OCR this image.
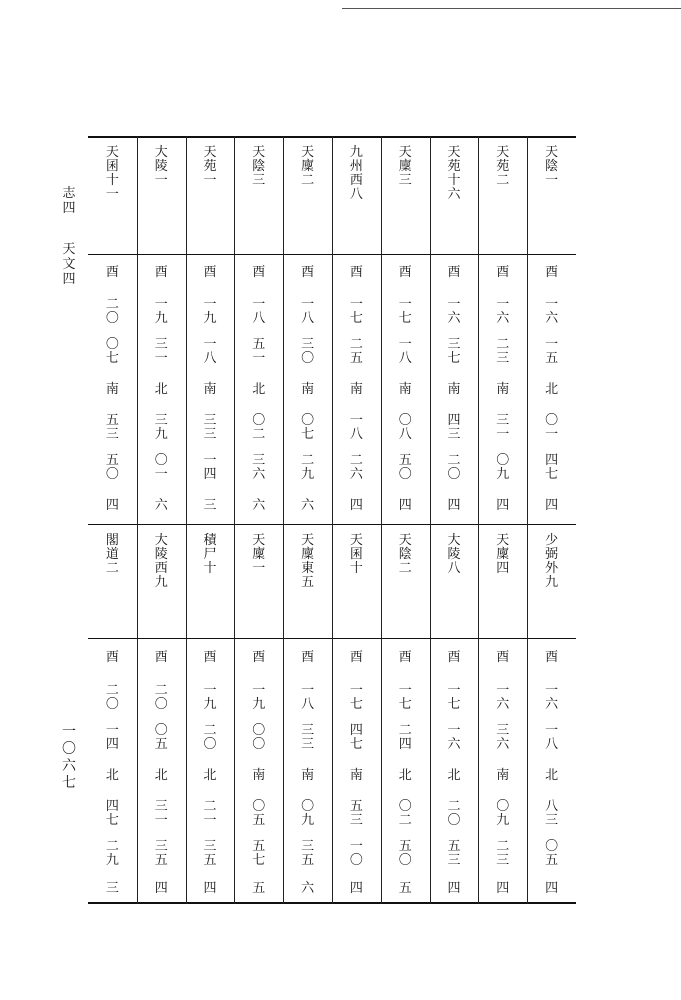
志
四
天
文
四
一
〇
六
七
天
陰
一
酉
一
六
一
五
北
〇
一
四
七
四
少
弼
外
九
酉
一
六
一
八
北
八
三
〇
五
四
天
苑
二
酉
一
六
二
三
南
三
一
〇
九
四
天
廩
四
酉
一
六
三
六
南
〇
九
二
三
四
天
苑
十
六
酉
一
六
三
七
南
四
三
二
〇
四
大
陵
八
酉
一
七
一
六
北
二
〇
五
三
四
天
廩
三
酉
一
七
一
八
南
〇
八
五
〇
四
天
陰
二
酉
一
七
二
四
北
〇
二
五
〇
五
九
州
西
八
酉
一
七
二
五
南
一
八
二
六
四
天
囷
十
酉
一
七
四
七
南
五
三
一
〇
四
天
廩
二
酉
一
八
三
〇
南
〇
七
二
九
六
天
廩
東
五
酉
一
八
三
三
南
〇
九
三
五
六
天
陰
三
酉
一
八
五
一
北
〇
二
三
六
六
天
廩
一
酉
一
九
〇
〇
南
〇
五
五
七
五
天
苑
一
酉
一
九
一
八
南
三
三
一
四
三
積
尸
十
酉
一
九
二
〇
北
二
一
三
五
四
大
陵
一
酉
一
九
三
一
北
三
九
〇
一
六
大
陵
西
九
酉
二
〇
〇
五
北
三
一
三
五
四
天
囷
十
一
酉
二
〇
〇
七
南
五
三
五
〇
四
閣
道
二
酉
二
〇
一
四
北
四
七
二
九
三
